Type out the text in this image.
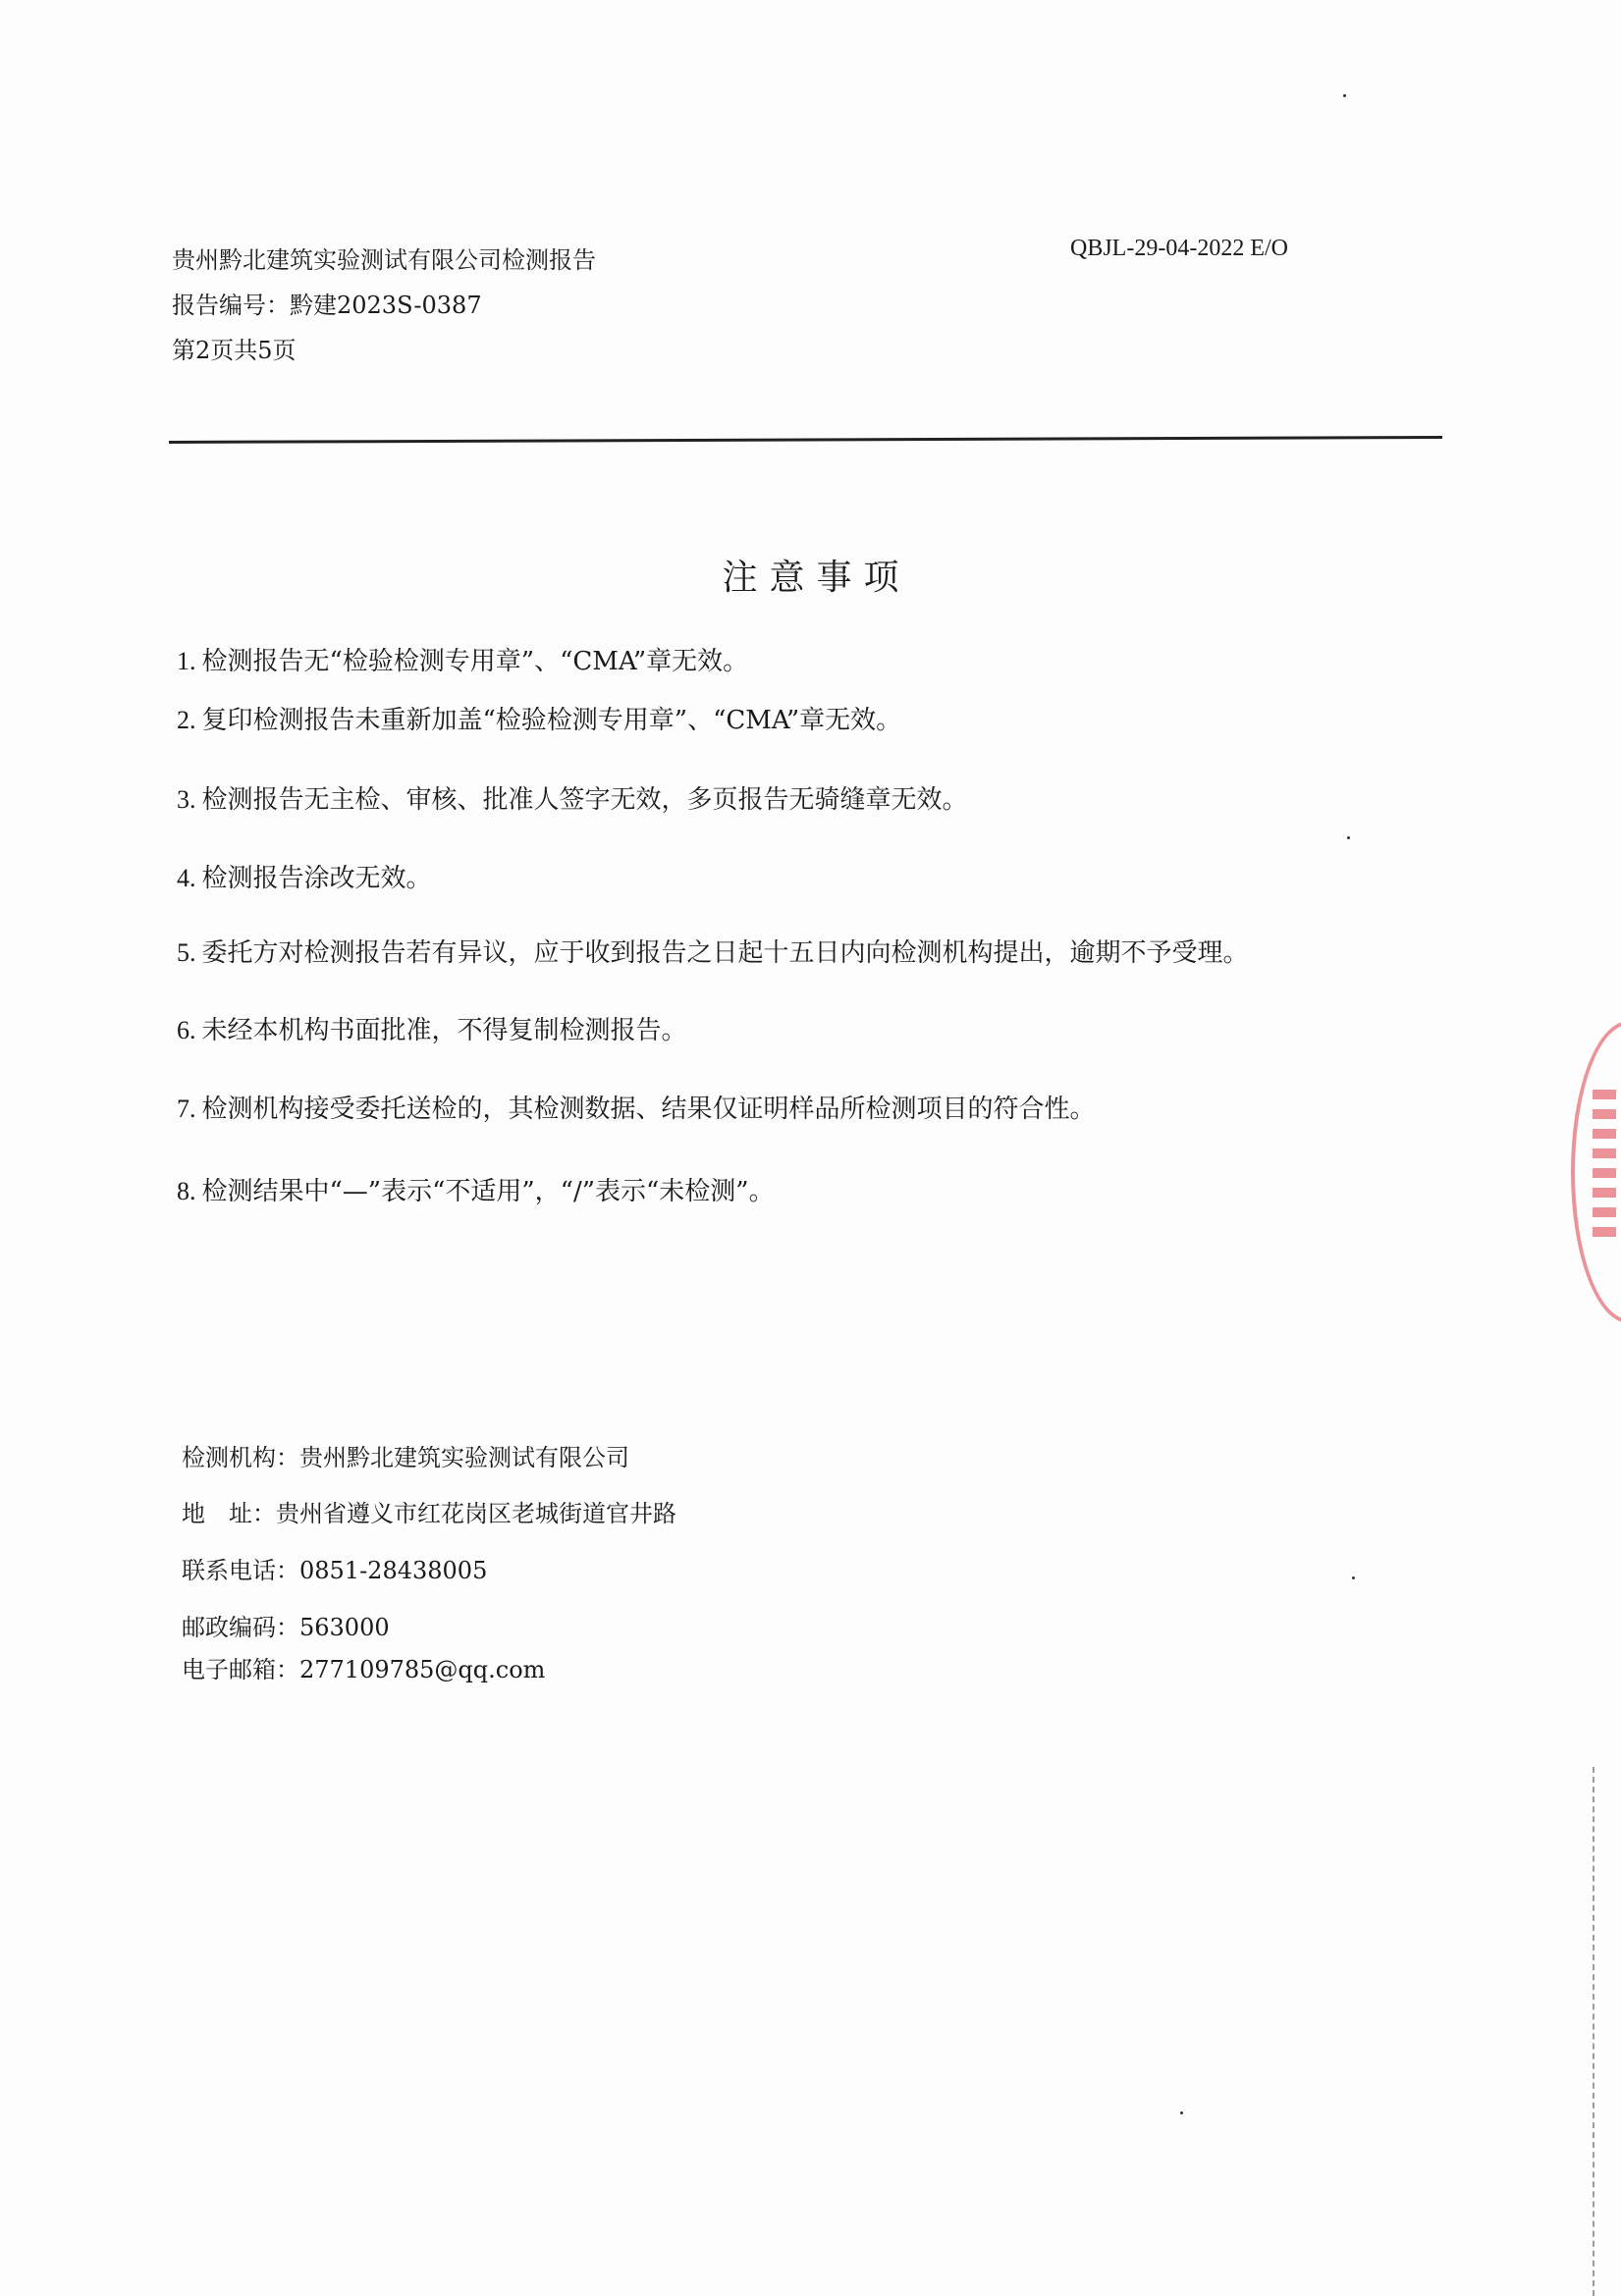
贵州黔北建筑实验测试有限公司检测报告
报告编号：黔建2023S-0387
第2页共5页
QBJL-29-04-2022 E/O
注意事项
1. 检测报告无“检验检测专用章”、“CMA”章无效。
2. 复印检测报告未重新加盖“检验检测专用章”、“CMA”章无效。
3. 检测报告无主检、审核、批准人签字无效，多页报告无骑缝章无效。
4. 检测报告涂改无效。
5. 委托方对检测报告若有异议，应于收到报告之日起十五日内向检测机构提出，逾期不予受理。
6. 未经本机构书面批准，不得复制检测报告。
7. 检测机构接受委托送检的，其检测数据、结果仅证明样品所检测项目的符合性。
8. 检测结果中“—”表示“不适用”，“/”表示“未检测”。
检测机构：贵州黔北建筑实验测试有限公司
地　址：贵州省遵义市红花岗区老城街道官井路
联系电话：0851-28438005
邮政编码：563000
电子邮箱：277109785@qq.com
